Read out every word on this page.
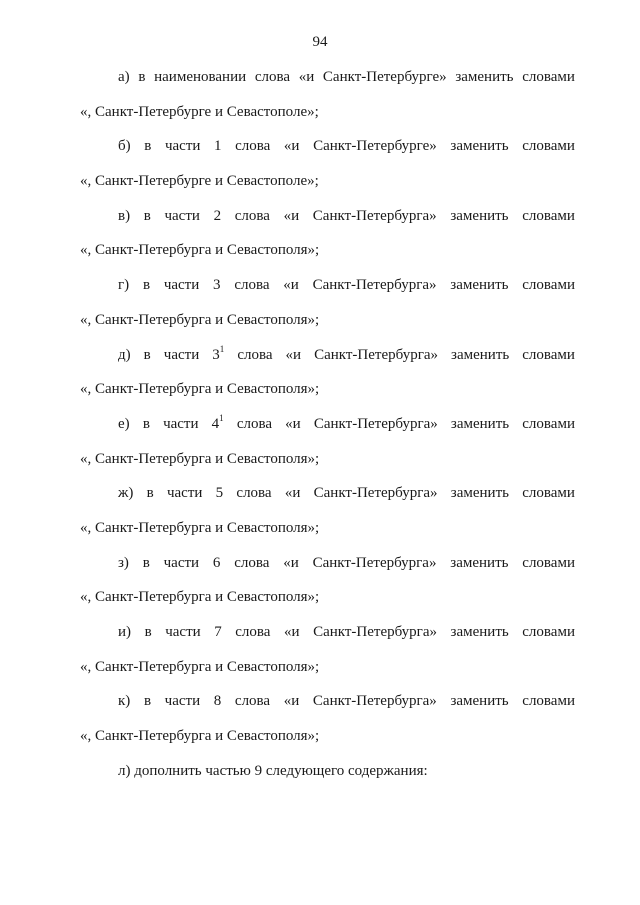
94
а) в наименовании слова «и Санкт-Петербурге» заменить словами
«, Санкт-Петербурге и Севастополе»;
б) в части 1 слова «и Санкт-Петербурге» заменить словами
«, Санкт-Петербурге и Севастополе»;
в) в части 2 слова «и Санкт-Петербурга» заменить словами
«, Санкт-Петербурга и Севастополя»;
г) в части 3 слова «и Санкт-Петербурга» заменить словами
«, Санкт-Петербурга и Севастополя»;
д) в части $3^1$ слова «и Санкт-Петербурга» заменить словами
«, Санкт-Петербурга и Севастополя»;
е) в части $4^1$ слова «и Санкт-Петербурга» заменить словами
«, Санкт-Петербурга и Севастополя»;
ж) в части 5 слова «и Санкт-Петербурга» заменить словами
«, Санкт-Петербурга и Севастополя»;
з) в части 6 слова «и Санкт-Петербурга» заменить словами
«, Санкт-Петербурга и Севастополя»;
и) в части 7 слова «и Санкт-Петербурга» заменить словами
«, Санкт-Петербурга и Севастополя»;
к) в части 8 слова «и Санкт-Петербурга» заменить словами
«, Санкт-Петербурга и Севастополя»;
л) дополнить частью 9 следующего содержания:
